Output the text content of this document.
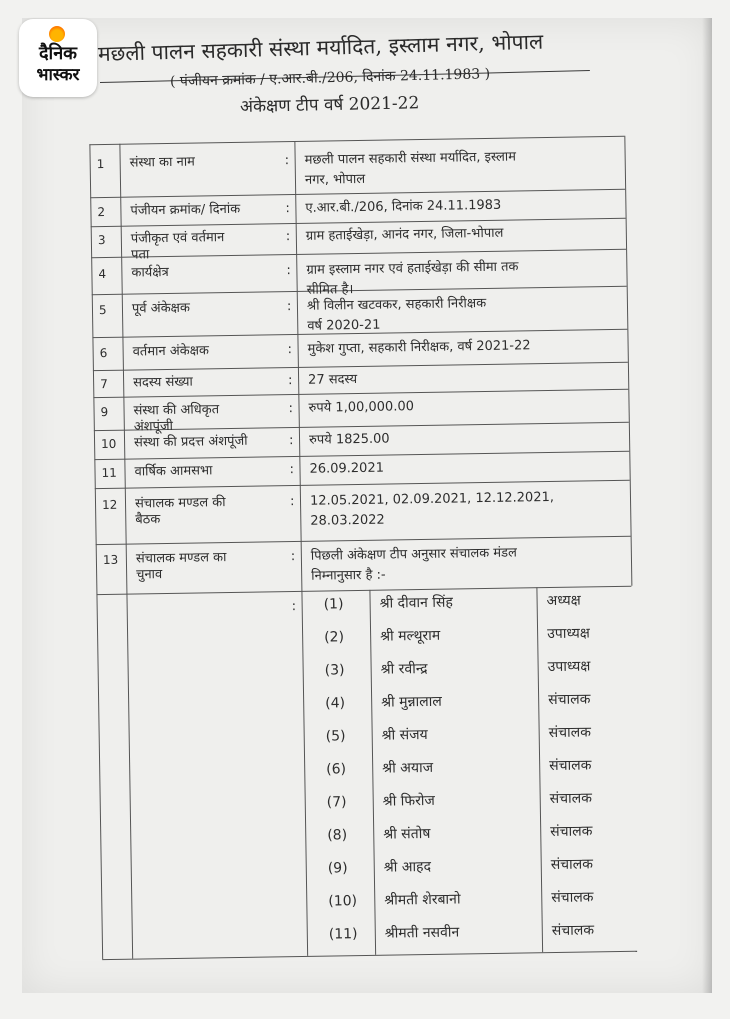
दैनिक
भास्कर
मछली पालन सहकारी संस्था मर्यादित, इस्लाम नगर, भोपाल
( पंजीयन क्रमांक / ए.आर.बी./206, दिनांक 24.11.1983 )
अंकेक्षण टीप वर्ष 2021-22
1 संस्था का नाम	: मछली पालन सहकारी संस्था मर्यादित, इस्लाम
नगर, भोपाल
2 पंजीयन क्रमांक/ दिनांक	: ए.आर.बी./206, दिनांक 24.11.1983
3 पंजीकृत एवं वर्तमान
पता
: ग्राम हताईखेड़ा, आनंद नगर, जिला-भोपाल
4 कार्यक्षेत्र	: ग्राम इस्लाम नगर एवं हताईखेड़ा की सीमा तक
सीमित है।
5 पूर्व अंकेक्षक	: श्री विलीन खटवकर, सहकारी निरीक्षक
वर्ष 2020-21
6 वर्तमान अंकेक्षक	: मुकेश गुप्ता, सहकारी निरीक्षक, वर्ष 2021-22
7 सदस्य संख्या	: 27 सदस्य
9 संस्था की अधिकृत
अंशपूंजी
: रुपये 1,00,000.00
10 संस्था की प्रदत्त अंशपूंजी	: रुपये 1825.00
11 वार्षिक आमसभा	: 26.09.2021
12 संचालक मण्डल की
बैठक
: 12.05.2021, 02.09.2021, 12.12.2021,
28.03.2022
13 संचालक मण्डल का
चुनाव
: पिछली अंकेक्षण टीप अनुसार संचालक मंडल
निम्नानुसार है :-
: (1)	श्री दीवान सिंह	अध्यक्ष
(2)	श्री मल्थूराम	उपाध्यक्ष
(3)	श्री रवीन्द्र	उपाध्यक्ष
(4)	श्री मुन्नालाल	संचालक
(5)	श्री संजय	संचालक
(6)	श्री अयाज	संचालक
(7)	श्री फिरोज	संचालक
(8)	श्री संतोष	संचालक
(9)	श्री आहद	संचालक
(10) श्रीमती शेरबानो	संचालक
(11) श्रीमती नसवीन	संचालक
